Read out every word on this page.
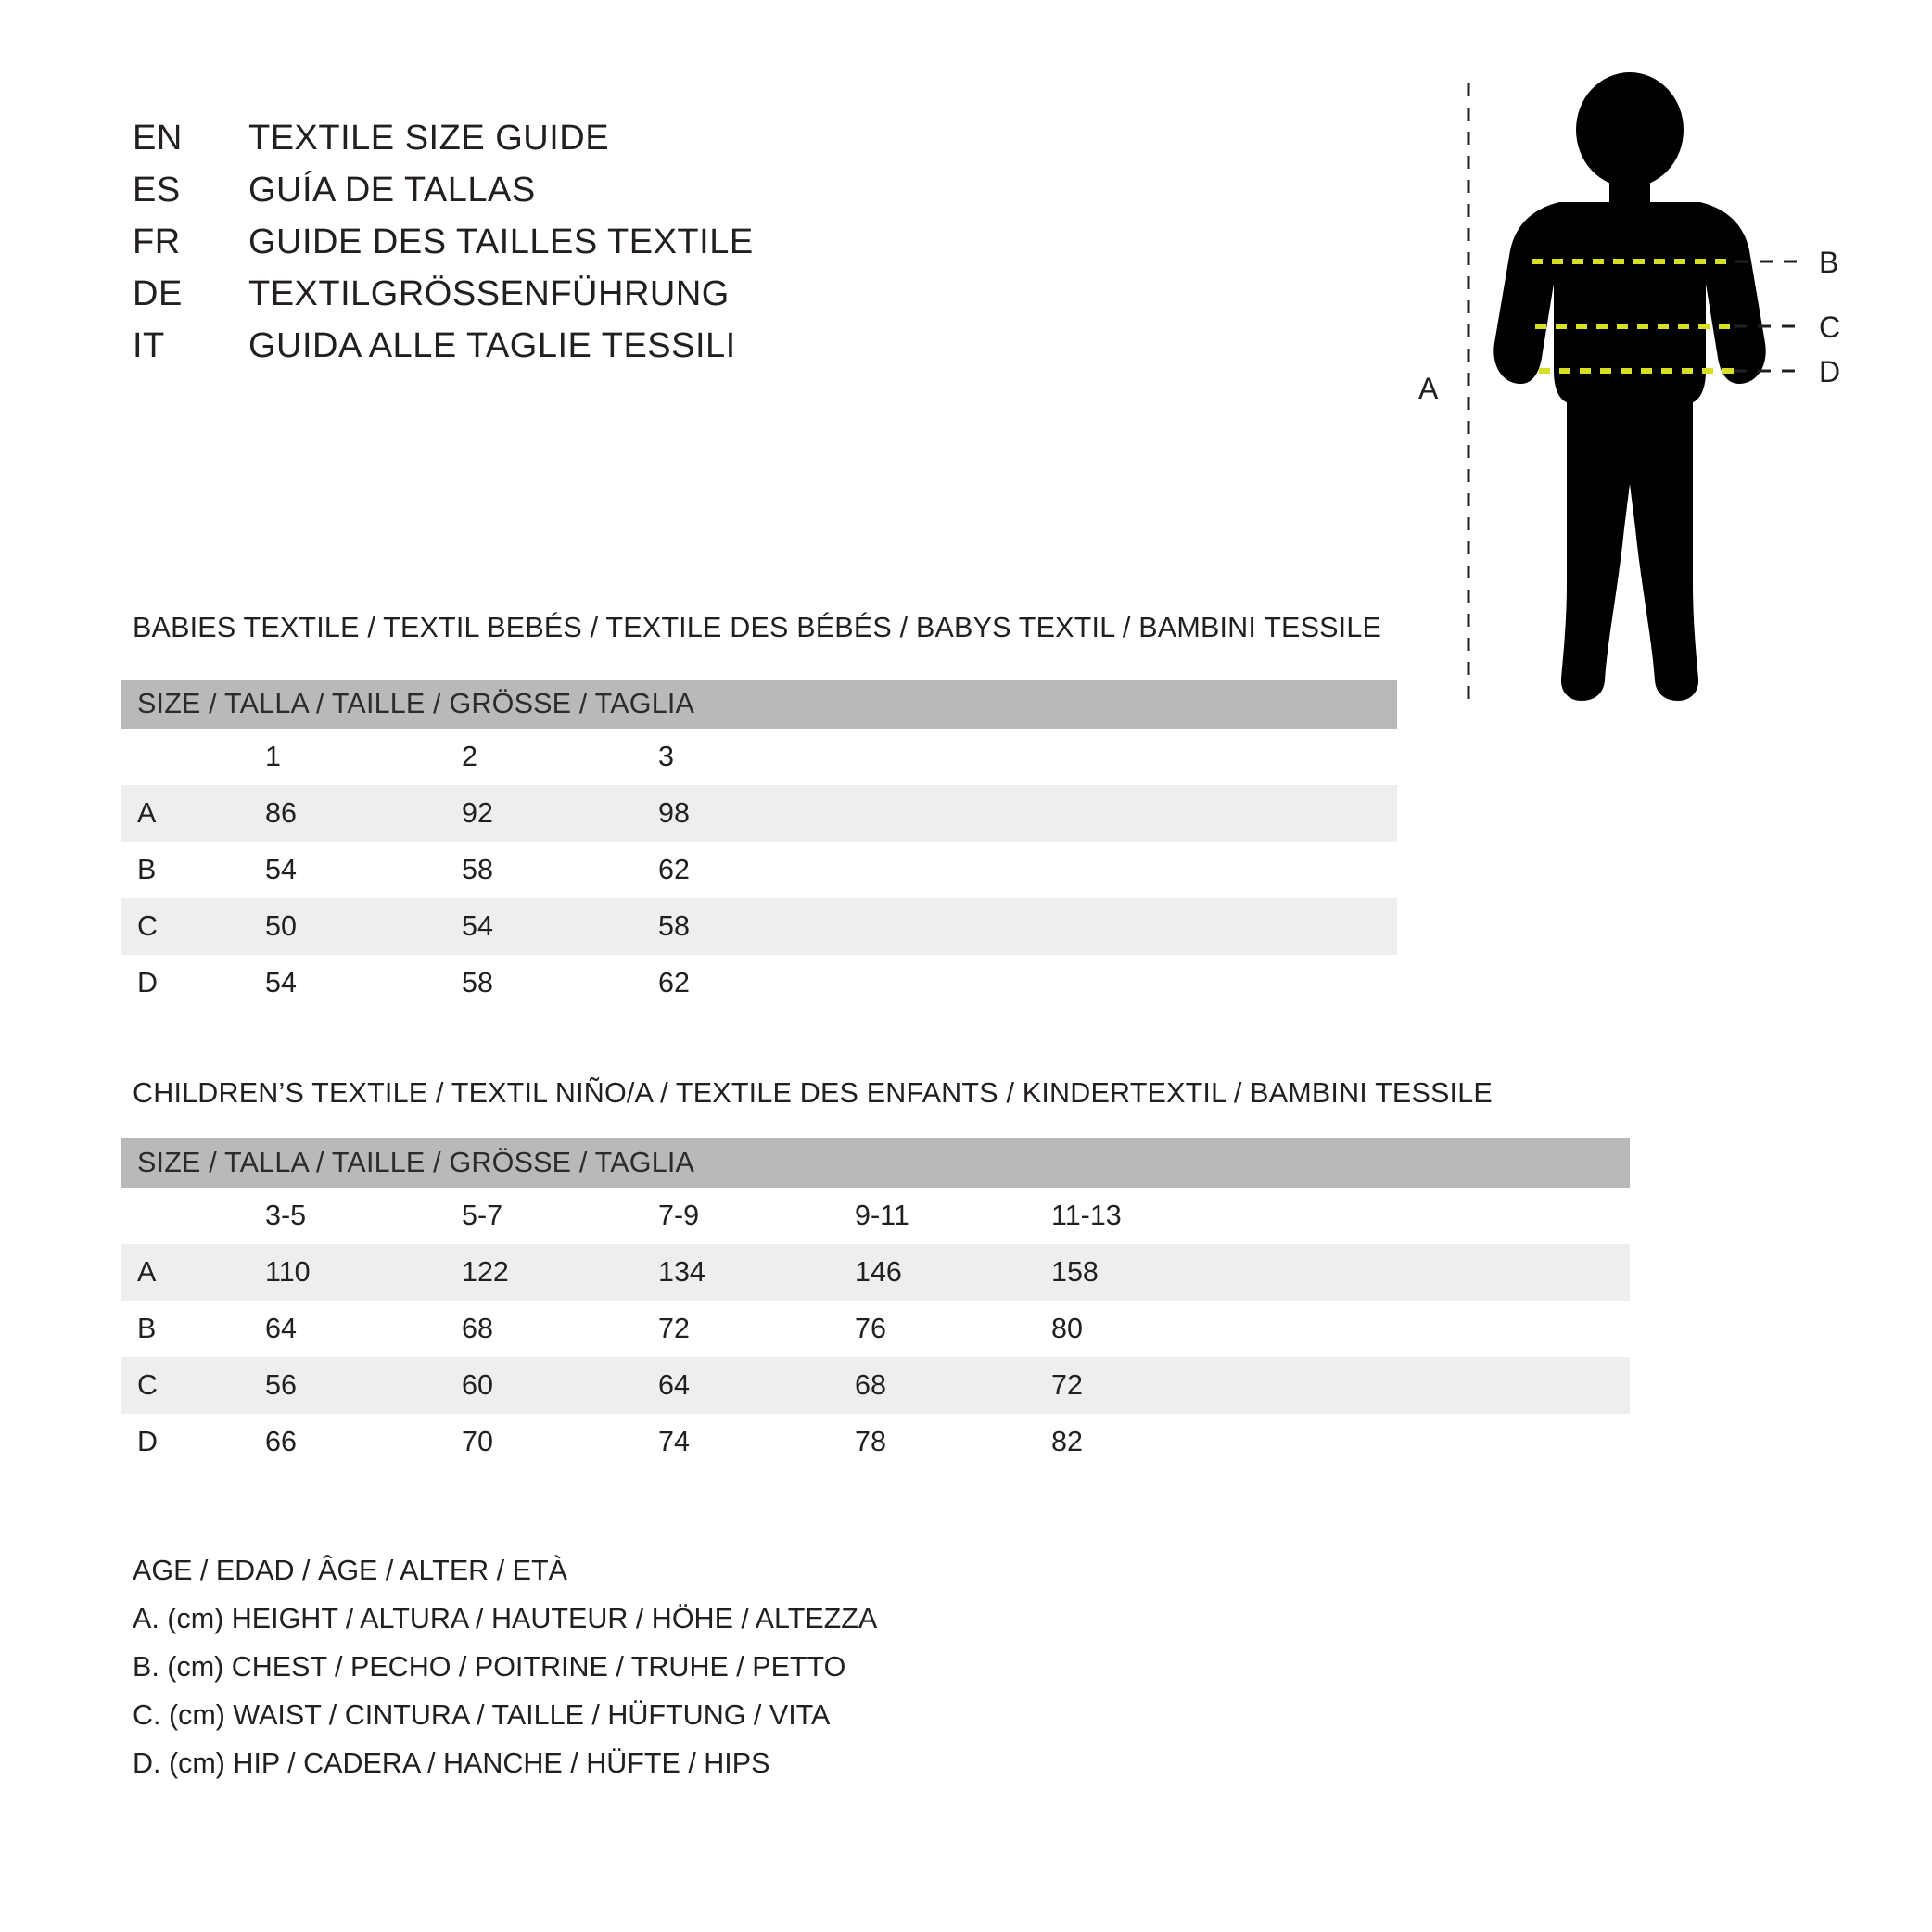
EN	TEXTILE SIZE GUIDE
ES	GUÍA DE TALLAS
FR	GUIDE DES TAILLES TEXTILE
DE	TEXTILGRÖSSENFÜHRUNG
IT	GUIDA ALLE TAGLIE TESSILI
A
B
C
D
BABIES TEXTILE / TEXTIL BEBÉS / TEXTILE DES BÉBÉS / BABYS TEXTIL / BAMBINI TESSILE
SIZE / TALLA / TAILLE / GRÖSSE / TAGLIA				
	1	2	3	
A	86	92	98	
B	54	58	62	
C	50	54	58	
D	54	58	62	
CHILDREN’S TEXTILE / TEXTIL NIÑO/A / TEXTILE DES ENFANTS / KINDERTEXTIL / BAMBINI TESSILE
SIZE / TALLA / TAILLE / GRÖSSE / TAGLIA						
	3-5	5-7	7-9	9-11	11-13	
A	110	122	134	146	158	
B	64	68	72	76	80	
C	56	60	64	68	72	
D	66	70	74	78	82	
AGE / EDAD / ÂGE / ALTER / ETÀ
A. (cm) HEIGHT / ALTURA / HAUTEUR / HÖHE / ALTEZZA
B. (cm) CHEST / PECHO / POITRINE / TRUHE / PETTO
C. (cm) WAIST / CINTURA / TAILLE / HÜFTUNG / VITA
D. (cm) HIP / CADERA / HANCHE / HÜFTE / HIPS
